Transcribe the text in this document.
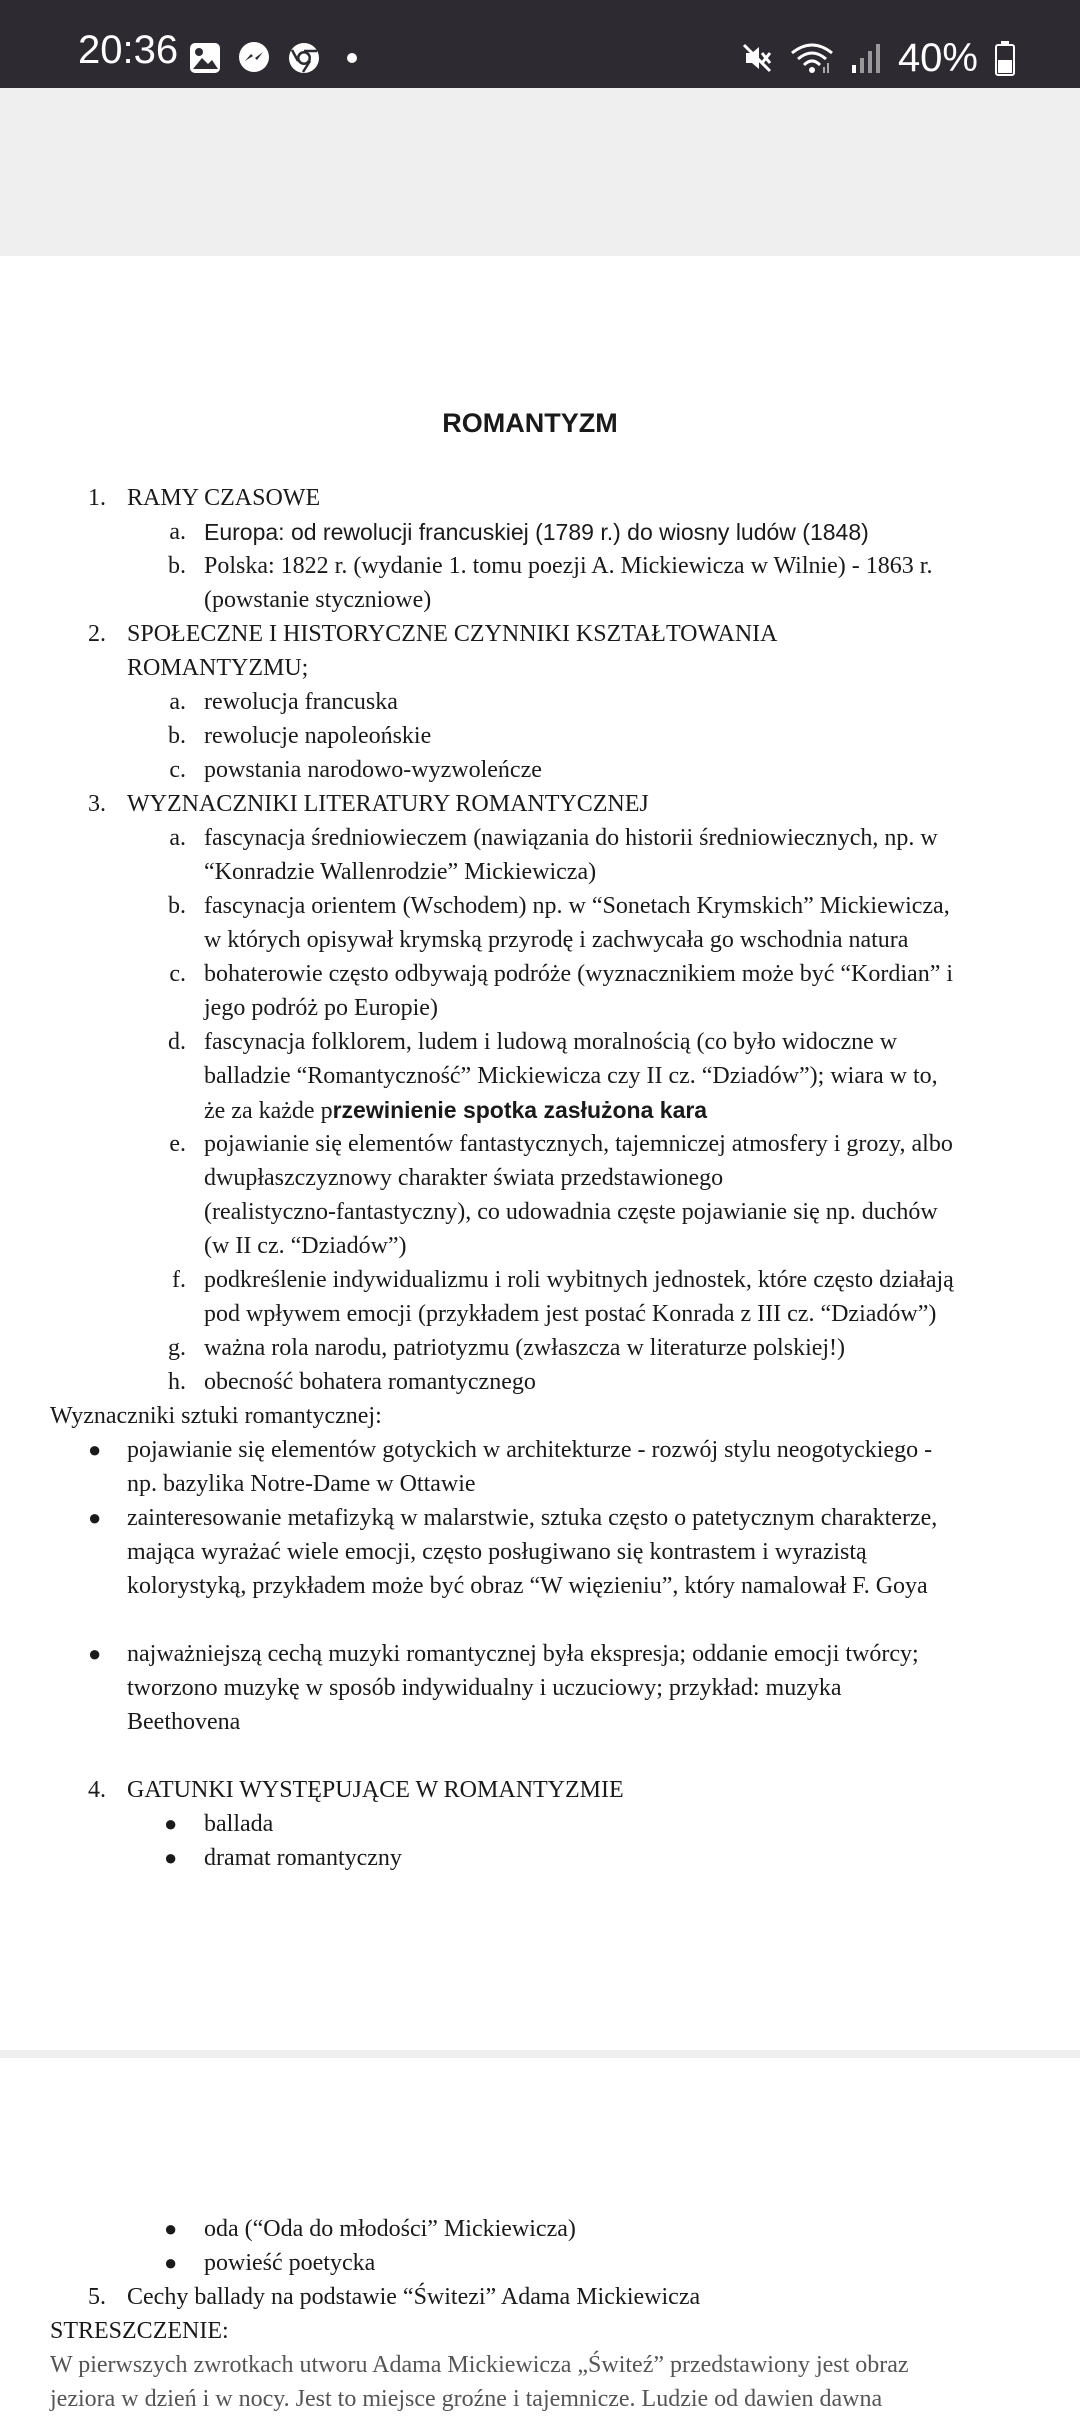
20:36	40%
ROMANTYZM
1. RAMY CZASOWE
a. Europa: od rewolucji francuskiej (1789 r.) do wiosny ludów (1848)
b. Polska: 1822 r. (wydanie 1. tomu poezji A. Mickiewicza w Wilnie) - 1863 r.
(powstanie styczniowe)
2. SPOŁECZNE I HISTORYCZNE CZYNNIKI KSZTAŁTOWANIA
ROMANTYZMU;
a. rewolucja francuska
b. rewolucje napoleońskie
c. powstania narodowo-wyzwoleńcze
3. WYZNACZNIKI LITERATURY ROMANTYCZNEJ
a. fascynacja średniowieczem (nawiązania do historii średniowiecznych, np. w
“Konradzie Wallenrodzie” Mickiewicza)
b. fascynacja orientem (Wschodem) np. w “Sonetach Krymskich” Mickiewicza,
w których opisywał krymską przyrodę i zachwycała go wschodnia natura
c. bohaterowie często odbywają podróże (wyznacznikiem może być “Kordian” i
jego podróż po Europie)
d. fascynacja folklorem, ludem i ludową moralnością (co było widoczne w
balladzie “Romantyczność” Mickiewicza czy II cz. “Dziadów”); wiara w to,
że za każde przewinienie spotka zasłużona kara
e. pojawianie się elementów fantastycznych, tajemniczej atmosfery i grozy, albo
dwupłaszczyznowy charakter świata przedstawionego
(realistyczno-fantastyczny), co udowadnia częste pojawianie się np. duchów
(w II cz. “Dziadów”)
f. podkreślenie indywidualizmu i roli wybitnych jednostek, które często działają
pod wpływem emocji (przykładem jest postać Konrada z III cz. “Dziadów”)
g. ważna rola narodu, patriotyzmu (zwłaszcza w literaturze polskiej!)
h. obecność bohatera romantycznego
Wyznaczniki sztuki romantycznej:
● pojawianie się elementów gotyckich w architekturze - rozwój stylu neogotyckiego -
np. bazylika Notre-Dame w Ottawie
● zainteresowanie metafizyką w malarstwie, sztuka często o patetycznym charakterze,
mająca wyrażać wiele emocji, często posługiwano się kontrastem i wyrazistą
kolorystyką, przykładem może być obraz “W więzieniu”, który namalował F. Goya
● najważniejszą cechą muzyki romantycznej była ekspresja; oddanie emocji twórcy;
tworzono muzykę w sposób indywidualny i uczuciowy; przykład: muzyka
Beethovena
4. GATUNKI WYSTĘPUJĄCE W ROMANTYZMIE
● ballada
● dramat romantyczny
● oda (“Oda do młodości” Mickiewicza)
● powieść poetycka
5. Cechy ballady na podstawie “Świtezi” Adama Mickiewicza
STRESZCZENIE:
W pierwszych zwrotkach utworu Adama Mickiewicza „Świteź” przedstawiony jest obraz
jeziora w dzień i w nocy. Jest to miejsce groźne i tajemnicze. Ludzie od dawien dawna
